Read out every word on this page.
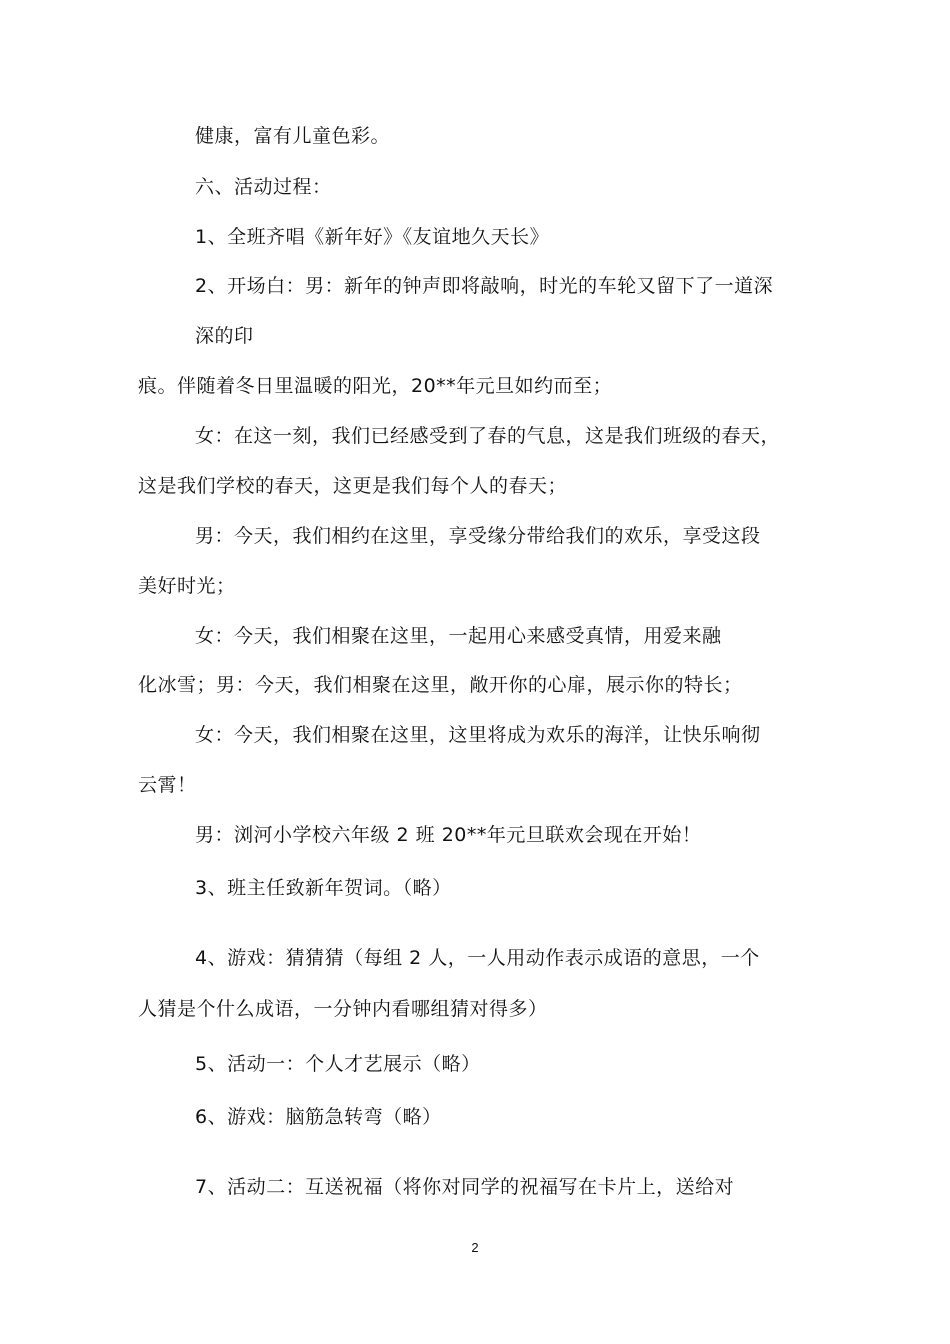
健康，富有儿童色彩。
六、活动过程：
1、全班齐唱《新年好》《友谊地久天长》
2、开场白：男：新年的钟声即将敲响，时光的车轮又留下了一道深
深的印
痕。伴随着冬日里温暖的阳光，20**年元旦如约而至；
女：在这一刻，我们已经感受到了春的气息，这是我们班级的春天，
这是我们学校的春天，这更是我们每个人的春天；
男：今天，我们相约在这里，享受缘分带给我们的欢乐，享受这段
美好时光；
女：今天，我们相聚在这里，一起用心来感受真情，用爱来融
化冰雪；男：今天，我们相聚在这里，敞开你的心扉，展示你的特长；
女：今天，我们相聚在这里，这里将成为欢乐的海洋，让快乐响彻
云霄！
男：浏河小学校六年级 2 班 20**年元旦联欢会现在开始！
3、班主任致新年贺词。（略）
4、游戏：猜猜猜（每组 2 人，一人用动作表示成语的意思，一个
人猜是个什么成语，一分钟内看哪组猜对得多）
5、活动一：个人才艺展示（略）
6、游戏：脑筋急转弯（略）
7、活动二：互送祝福（将你对同学的祝福写在卡片上，送给对
2
